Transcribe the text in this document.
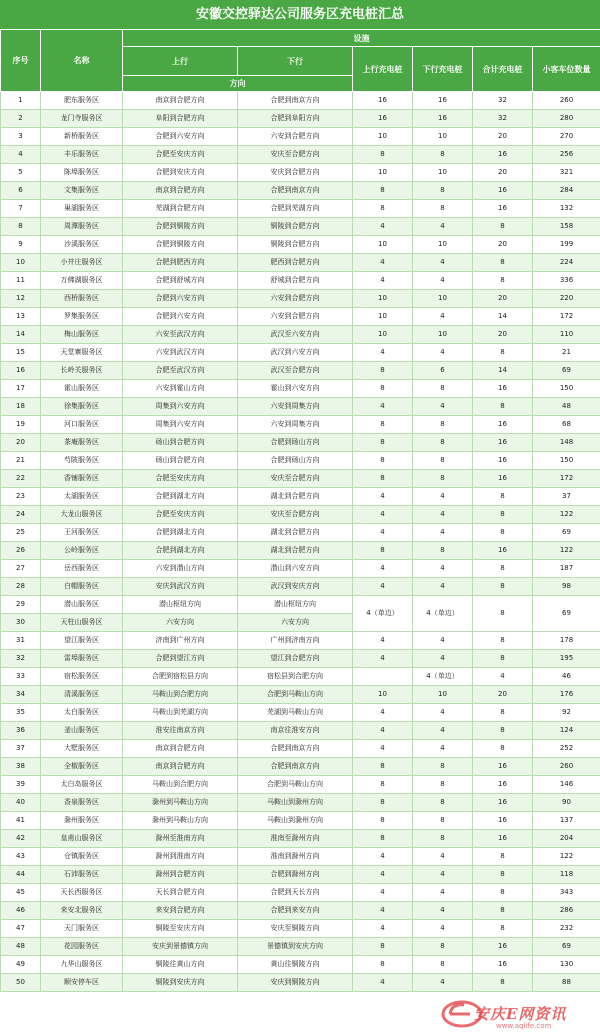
安徽交控驿达公司服务区充电桩汇总
序号	名称	设施					
		上行	下行	上行充电桩	下行充电桩	合计充电桩	小客车位数量
		方向					
1	肥东服务区	南京到合肥方向	合肥到南京方向	16	16	32	260
2	龙门寺服务区	阜阳到合肥方向	合肥到阜阳方向	16	16	32	280
3	新桥服务区	合肥到六安方向	六安到合肥方向	10	10	20	270
4	丰乐服务区	合肥至安庆方向	安庆至合肥方向	8	8	16	256
5	陈埠服务区	合肥到安庆方向	安庆到合肥方向	10	10	20	321
6	文集服务区	南京到合肥方向	合肥到南京方向	8	8	16	284
7	巢湖服务区	芜湖到合肥方向	合肥到芜湖方向	8	8	16	132
8	周潭服务区	合肥到铜陵方向	铜陵到合肥方向	4	4	8	158
9	沙溪服务区	合肥到铜陵方向	铜陵到合肥方向	10	10	20	199
10	小井庄服务区	合肥到肥西方向	肥西到合肥方向	4	4	8	224
11	万佛湖服务区	合肥到舒城方向	舒城到合肥方向	4	4	8	336
12	西桥服务区	合肥到六安方向	六安到合肥方向	10	10	20	220
13	罗集服务区	合肥到六安方向	六安到合肥方向	10	4	14	172
14	梅山服务区	六安至武汉方向	武汉至六安方向	10	10	20	110
15	天堂寨服务区	六安到武汉方向	武汉到六安方向	4	4	8	21
16	长岭关服务区	合肥至武汉方向	武汉至合肥方向	8	6	14	69
17	霍山服务区	六安到霍山方向	霍山到六安方向	8	8	16	150
18	徐集服务区	周集到六安方向	六安到周集方向	4	4	8	48
19	河口服务区	周集到六安方向	六安到周集方向	8	8	16	68
20	茶庵服务区	砀山到合肥方向	合肥到砀山方向	8	8	16	148
21	芍陂服务区	砀山到合肥方向	合肥到砀山方向	8	8	16	150
22	香铺服务区	合肥至安庆方向	安庆至合肥方向	8	8	16	172
23	太湖服务区	合肥到湖北方向	湖北到合肥方向	4	4	8	37
24	大龙山服务区	合肥至安庆方向	安庆至合肥方向	4	4	8	122
25	王河服务区	合肥到湖北方向	湖北到合肥方向	4	4	8	69
26	公岭服务区	合肥到湖北方向	湖北到合肥方向	8	8	16	122
27	岳西服务区	六安到潜山方向	潜山到六安方向	4	4	8	187
28	白帽服务区	安庆到武汉方向	武汉到安庆方向	4	4	8	98
29	潜山服务区	潜山枢纽方向	潜山枢纽方向	4（单边）	4（单边）	8	69
30	天柱山服务区	六安方向	六安方向				
31	望江服务区	济南到广州方向	广州到济南方向	4	4	8	178
32	雷埠服务区	合肥到望江方向	望江到合肥方向	4	4	8	195
33	宿松服务区	合肥到宿松县方向	宿松县到合肥方向		4（单边）	4	46
34	清溪服务区	马鞍山到合肥方向	合肥到马鞍山方向	10	10	20	176
35	太白服务区	马鞍山到芜湖方向	芜湖到马鞍山方向	4	4	8	92
36	釜山服务区	淮安往南京方向	南京往淮安方向	4	4	8	124
37	大墅服务区	南京到合肥方向	合肥到南京方向	4	4	8	252
38	全椒服务区	南京到合肥方向	合肥到南京方向	8	8	16	260
39	太白岛服务区	马鞍山到合肥方向	合肥到马鞍山方向	8	8	16	146
40	香泉服务区	滁州到马鞍山方向	马鞍山到滁州方向	8	8	16	90
41	滁州服务区	滁州到马鞍山方向	马鞍山到滁州方向	8	8	16	137
42	皇甫山服务区	滁州至淮南方向	淮南至滁州方向	8	8	16	204
43	仓镇服务区	滁州到淮南方向	淮南到滁州方向	4	4	8	122
44	石沛服务区	滁州到合肥方向	合肥到滁州方向	4	4	8	118
45	天长西服务区	天长到合肥方向	合肥到天长方向	4	4	8	343
46	来安北服务区	来安到合肥方向	合肥到来安方向	4	4	8	286
47	天门服务区	铜陵至安庆方向	安庆至铜陵方向	4	4	8	232
48	花园服务区	安庆到景德镇方向	景德镇到安庆方向	8	8	16	69
49	九华山服务区	铜陵往黄山方向	黄山往铜陵方向	8	8	16	130
50	顺安停车区	铜陵到安庆方向	安庆到铜陵方向	4	4	8	88
安庆E网资讯
www.aqlife.com
